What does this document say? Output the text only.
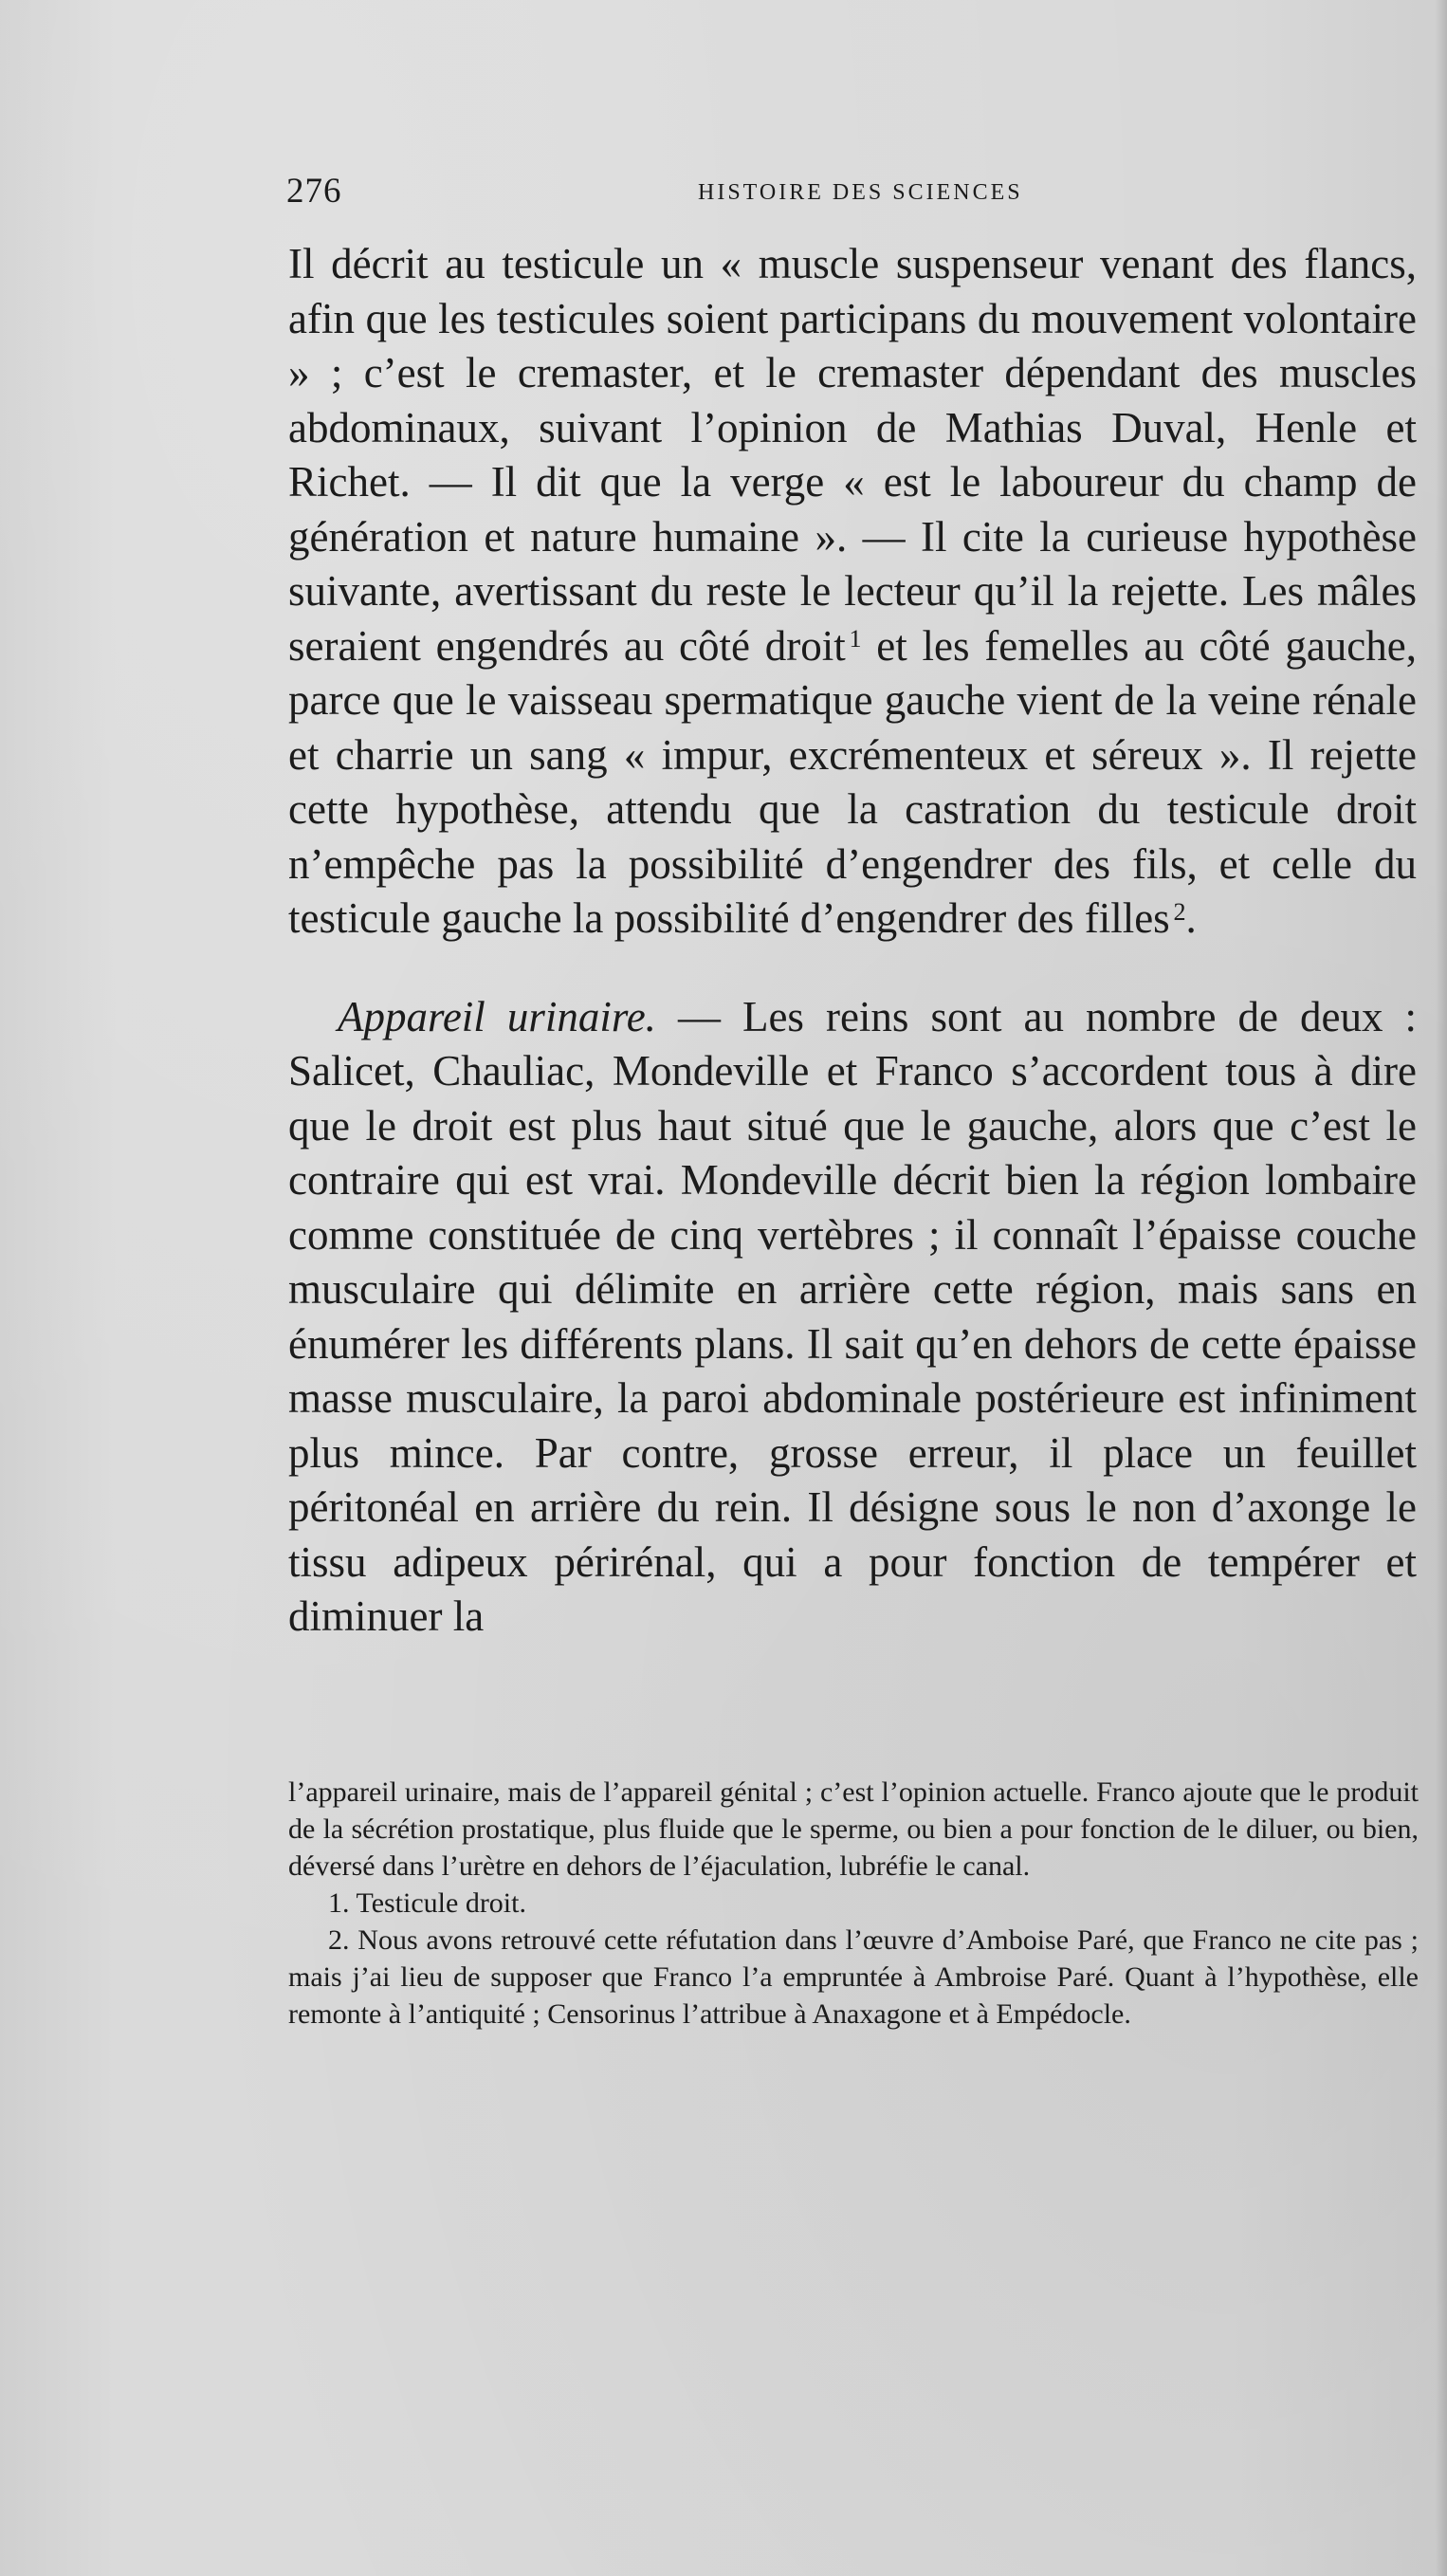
276	HISTOIRE DES SCIENCES

Il décrit au testicule un « muscle suspenseur venant des flancs, afin que les testicules soient participans du mouvement volontaire » ; c’est le cremaster, et le cremaster dépendant des muscles abdominaux, suivant l’opinion de Mathias Duval, Henle et Richet. — Il dit que la verge « est le laboureur du champ de génération et nature humaine ». — Il cite la curieuse hypothèse suivante, avertissant du reste le lecteur qu’il la rejette. Les mâles seraient engendrés au côté droit  $^1$ et les femelles au côté gauche, parce que le vaisseau spermatique gauche vient de la veine rénale et charrie un sang « impur, excrémenteux et séreux ». Il rejette cette hypothèse, attendu que la castration du testicule droit n’empêche pas la possibilité d’engendrer des fils, et celle du testicule gauche la possibilité d’engendrer des filles  $^2$.

Appareil urinaire. — Les reins sont au nombre de deux : Salicet, Chauliac, Mondeville et Franco s’accordent tous à dire que le droit est plus haut situé que le gauche, alors que c’est le contraire qui est vrai. Mondeville décrit bien la région lombaire comme constituée de cinq vertèbres ; il connaît l’épaisse couche musculaire qui délimite en arrière cette région, mais sans en énumérer les différents plans. Il sait qu’en dehors de cette épaisse masse musculaire, la paroi abdominale postérieure est infiniment plus mince. Par contre, grosse erreur, il place un feuillet péritonéal en arrière du rein. Il désigne sous le non d’axonge le tissu adipeux périrénal, qui a pour fonction de tempérer et diminuer la

l’appareil urinaire, mais de l’appareil génital ; c’est l’opinion actuelle. Franco ajoute que le produit de la sécrétion prostatique, plus fluide que le sperme, ou bien a pour fonction de le diluer, ou bien, déversé dans l’urètre en dehors de l’éjaculation, lubréfie le canal.

1. Testicule droit.

2. Nous avons retrouvé cette réfutation dans l’œuvre d’Amboise Paré, que Franco ne cite pas ; mais j’ai lieu de supposer que Franco l’a empruntée à Ambroise Paré. Quant à l’hypothèse, elle remonte à l’antiquité ; Censorinus l’attribue à Anaxagone et à Empédocle.
